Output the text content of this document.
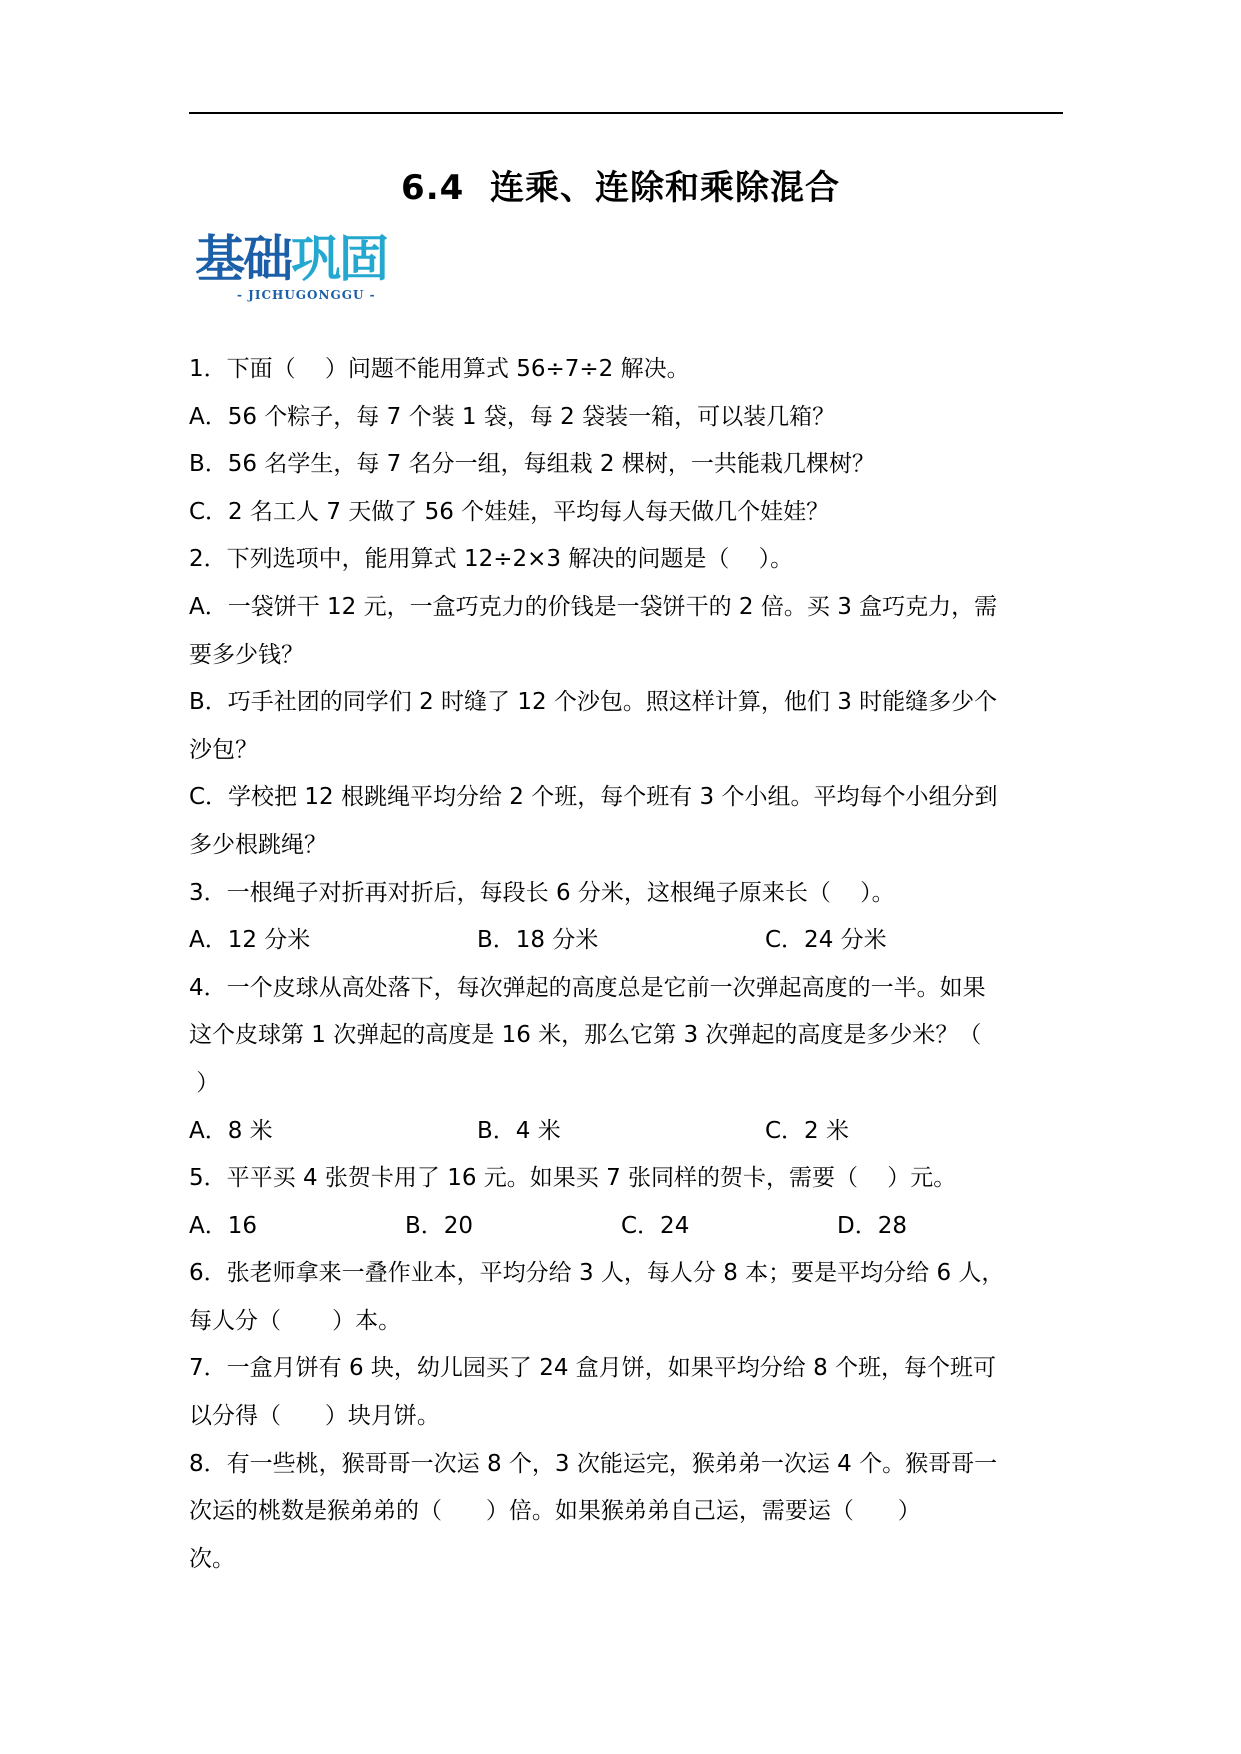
6.4  连乘、连除和乘除混合
基础巩固
- JICHUGONGGU -
1．下面（    ）问题不能用算式 56÷7÷2 解决。
A．56 个粽子，每 7 个装 1 袋，每 2 袋装一箱，可以装几箱？
B．56 名学生，每 7 名分一组，每组栽 2 棵树，一共能栽几棵树？
C．2 名工人 7 天做了 56 个娃娃，平均每人每天做几个娃娃？
2．下列选项中，能用算式 12÷2×3 解决的问题是（    ）。
A．一袋饼干 12 元，一盒巧克力的价钱是一袋饼干的 2 倍。买 3 盒巧克力，需
要多少钱？
B．巧手社团的同学们 2 时缝了 12 个沙包。照这样计算，他们 3 时能缝多少个
沙包？
C．学校把 12 根跳绳平均分给 2 个班，每个班有 3 个小组。平均每个小组分到
多少根跳绳？
3．一根绳子对折再对折后，每段长 6 分米，这根绳子原来长（    ）。
A．12 分米	B．18 分米	C．24 分米
4．一个皮球从高处落下，每次弹起的高度总是它前一次弹起高度的一半。如果
这个皮球第 1 次弹起的高度是 16 米，那么它第 3 次弹起的高度是多少米？（
）
A．8 米	B．4 米	C．2 米
5．平平买 4 张贺卡用了 16 元。如果买 7 张同样的贺卡，需要（    ）元。
A．16	B．20	C．24	D．28
6．张老师拿来一叠作业本，平均分给 3 人，每人分 8 本；要是平均分给 6 人，
每人分（       ）本。
7．一盒月饼有 6 块，幼儿园买了 24 盒月饼，如果平均分给 8 个班，每个班可
以分得（      ）块月饼。
8．有一些桃，猴哥哥一次运 8 个，3 次能运完，猴弟弟一次运 4 个。猴哥哥一
次运的桃数是猴弟弟的（      ）倍。如果猴弟弟自己运，需要运（      ）
次。
